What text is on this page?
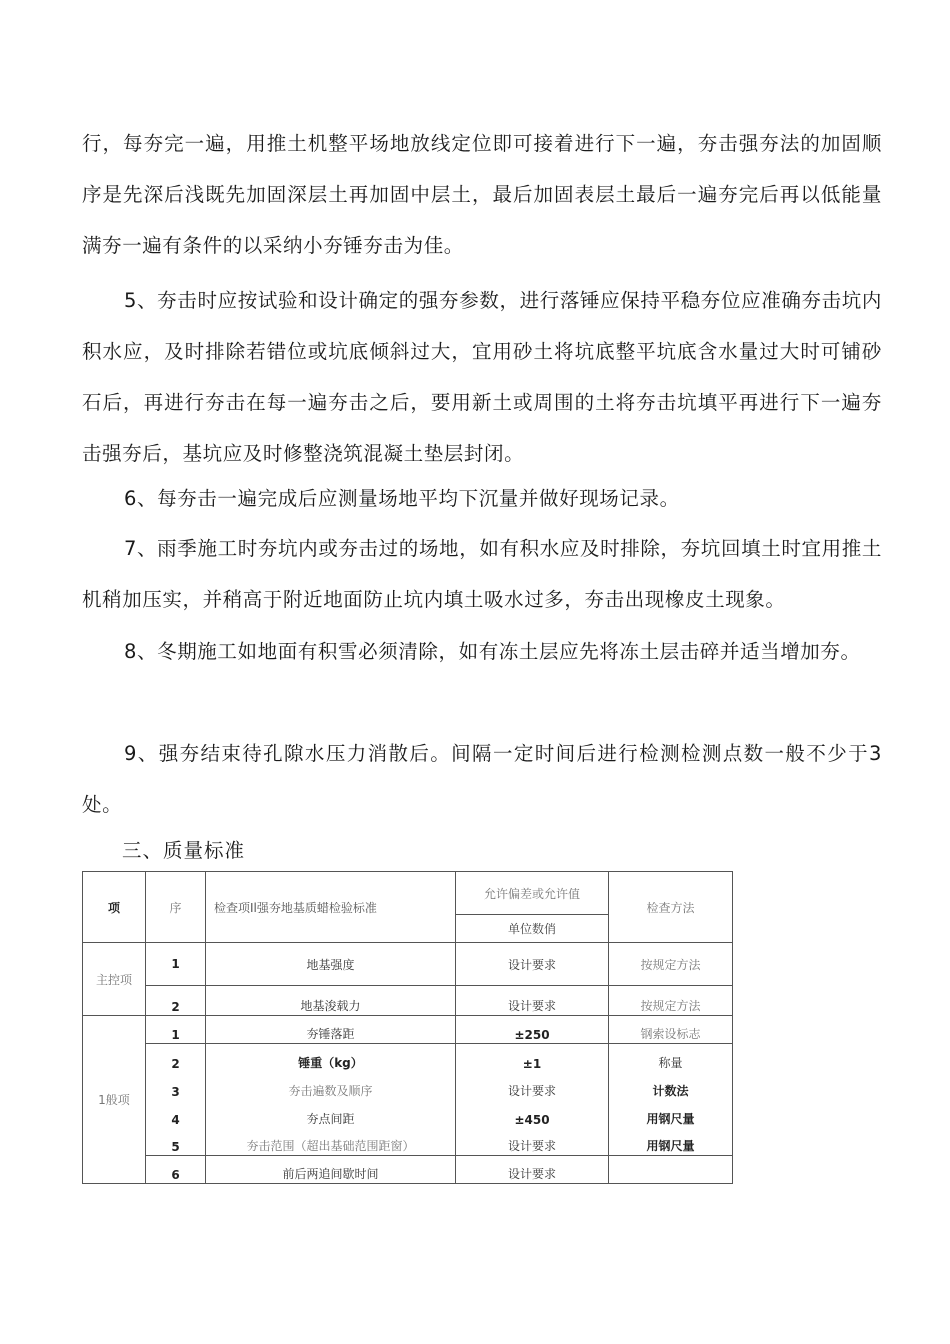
行，每夯完一遍，用推土机整平场地放线定位即可接着进行下一遍，夯击强夯法的加固顺序是先深后浅既先加固深层土再加固中层土，最后加固表层土最后一遍夯完后再以低能量满夯一遍有条件的以采纳小夯锤夯击为佳。

5、夯击时应按试验和设计确定的强夯参数，进行落锤应保持平稳夯位应准确夯击坑内积水应，及时排除若错位或坑底倾斜过大，宜用砂土将坑底整平坑底含水量过大时可铺砂石后，再进行夯击在每一遍夯击之后，要用新土或周围的土将夯击坑填平再进行下一遍夯击强夯后，基坑应及时修整浇筑混凝土垫层封闭。

6、每夯击一遍完成后应测量场地平均下沉量并做好现场记录。

7、雨季施工时夯坑内或夯击过的场地，如有积水应及时排除，夯坑回填土时宜用推土机稍加压实，并稍高于附近地面防止坑内填土吸水过多，夯击出现橡皮土现象。

8、冬期施工如地面有积雪必须清除，如有冻土层应先将冻土层击碎并适当增加夯。

9、强夯结束待孔隙水压力消散后。间隔一定时间后进行检测检测点数一般不少于3处。

三、质量标准
项	序	检查项Il强夯地基质蜡检验标准	允许偏差或允许值	检查方法
			单位数俏	
主控项	1	地基强度	设计要求	按规定方法
	2	地基浚载力	设计要求	按规定方法
1般项	1	夯锤落距	±250	钢索设标志
	2	锤重（kg）	±1	称量
	3	夯击遍数及顺序	设计要求	计数法
	4	夯点间距	±450	用钢尺量
	5	夯击范围（超出基础范围距窗）	设计要求	用钢尺量
	6	前后两追间歇时间	设计要求	
